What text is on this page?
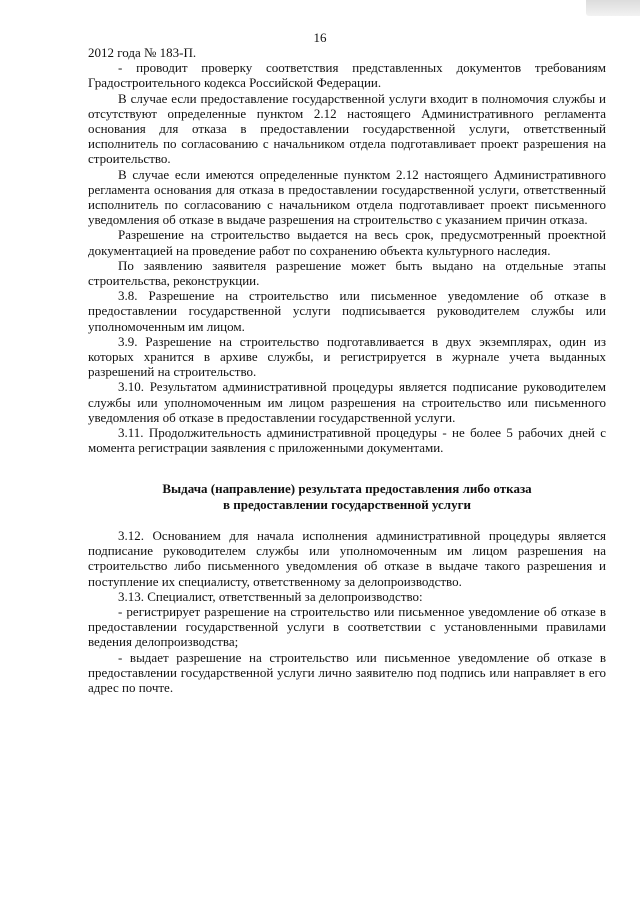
16

2012 года № 183-П.

- проводит проверку соответствия представленных документов требованиям Градостроительного кодекса Российской Федерации.

В случае если предоставление государственной услуги входит в полномочия службы и отсутствуют определенные пунктом 2.12 настоящего Административного регламента основания для отказа в предоставлении государственной услуги, ответственный исполнитель по согласованию с начальником отдела подготавливает проект разрешения на строительство.

В случае если имеются определенные пунктом 2.12 настоящего Административного регламента основания для отказа в предоставлении государственной услуги, ответственный исполнитель по согласованию с начальником отдела подготавливает проект письменного уведомления об отказе в выдаче разрешения на строительство с указанием причин отказа.

Разрешение на строительство выдается на весь срок, предусмотренный проектной документацией на проведение работ по сохранению объекта культурного наследия.

По заявлению заявителя разрешение может быть выдано на отдельные этапы строительства, реконструкции.

3.8. Разрешение на строительство или письменное уведомление об отказе в предоставлении государственной услуги подписывается руководителем службы или уполномоченным им лицом.

3.9. Разрешение на строительство подготавливается в двух экземплярах, один из которых хранится в архиве службы, и регистрируется в журнале учета выданных разрешений на строительство.

3.10. Результатом административной процедуры является подписание руководителем службы или уполномоченным им лицом разрешения на строительство или письменного уведомления об отказе в предоставлении государственной услуги.

3.11. Продолжительность административной процедуры - не более 5 рабочих дней с момента регистрации заявления с приложенными документами.

Выдача (направление) результата предоставления либо отказа
в предоставлении государственной услуги

3.12. Основанием для начала исполнения административной процедуры является подписание руководителем службы или уполномоченным им лицом разрешения на строительство либо письменного уведомления об отказе в выдаче такого разрешения и поступление их специалисту, ответственному за делопроизводство.

3.13. Специалист, ответственный за делопроизводство:

- регистрирует разрешение на строительство или письменное уведомление об отказе в предоставлении государственной услуги в соответствии с установленными правилами ведения делопроизводства;

- выдает разрешение на строительство или письменное уведомление об отказе в предоставлении государственной услуги лично заявителю под подпись или направляет в его адрес по почте.
